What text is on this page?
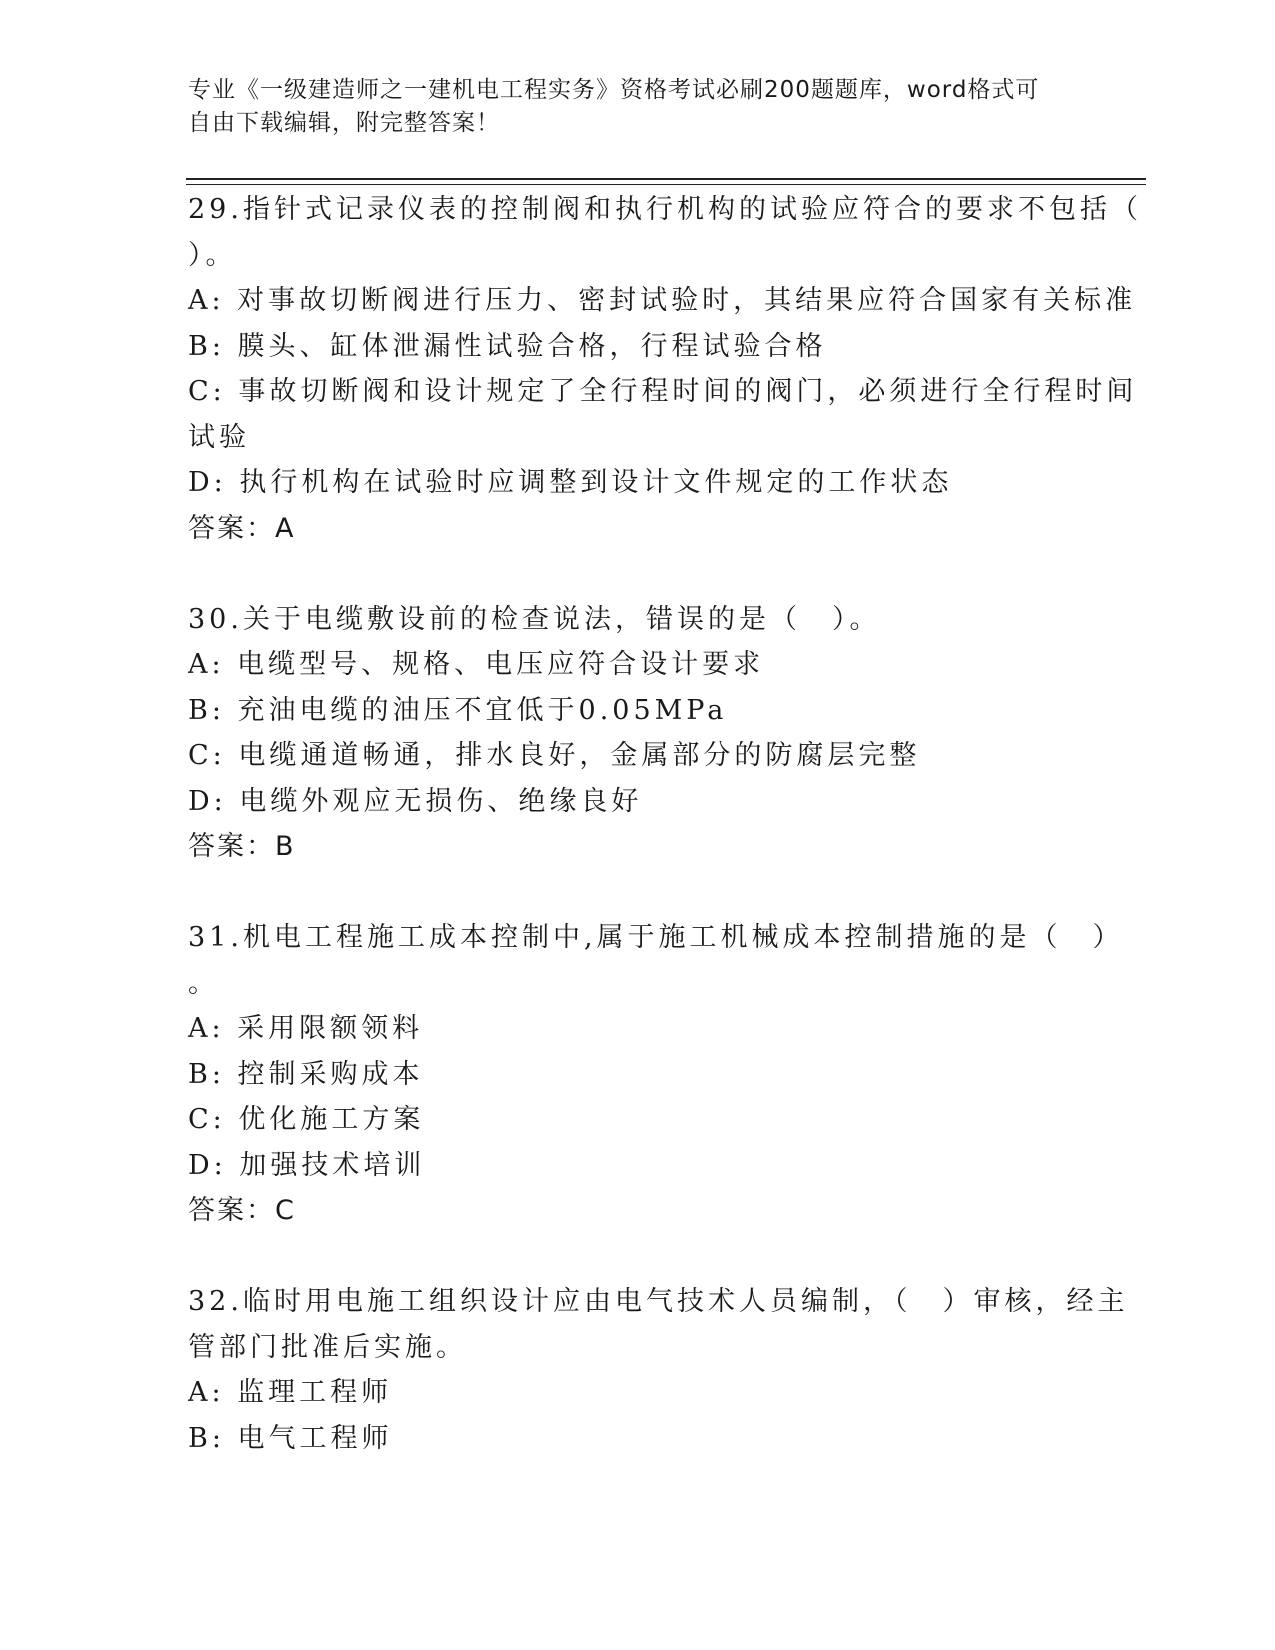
专业《一级建造师之一建机电工程实务》资格考试必刷200题题库，word格式可
自由下载编辑，附完整答案！
29.指针式记录仪表的控制阀和执行机构的试验应符合的要求不包括（
）。
A: 对事故切断阀进行压力、密封试验时，其结果应符合国家有关标准
B: 膜头、缸体泄漏性试验合格，行程试验合格
C: 事故切断阀和设计规定了全行程时间的阀门，必须进行全行程时间
试验
D: 执行机构在试验时应调整到设计文件规定的工作状态
答案：A
30.关于电缆敷设前的检查说法，错误的是（　）。
A: 电缆型号、规格、电压应符合设计要求
B: 充油电缆的油压不宜低于0.05MPa
C: 电缆通道畅通，排水良好，金属部分的防腐层完整
D: 电缆外观应无损伤、绝缘良好
答案：B
31.机电工程施工成本控制中,属于施工机械成本控制措施的是（　）
。
A: 采用限额领料
B: 控制采购成本
C: 优化施工方案
D: 加强技术培训
答案：C
32.临时用电施工组织设计应由电气技术人员编制，（　）审核，经主
管部门批准后实施。
A: 监理工程师
B: 电气工程师
